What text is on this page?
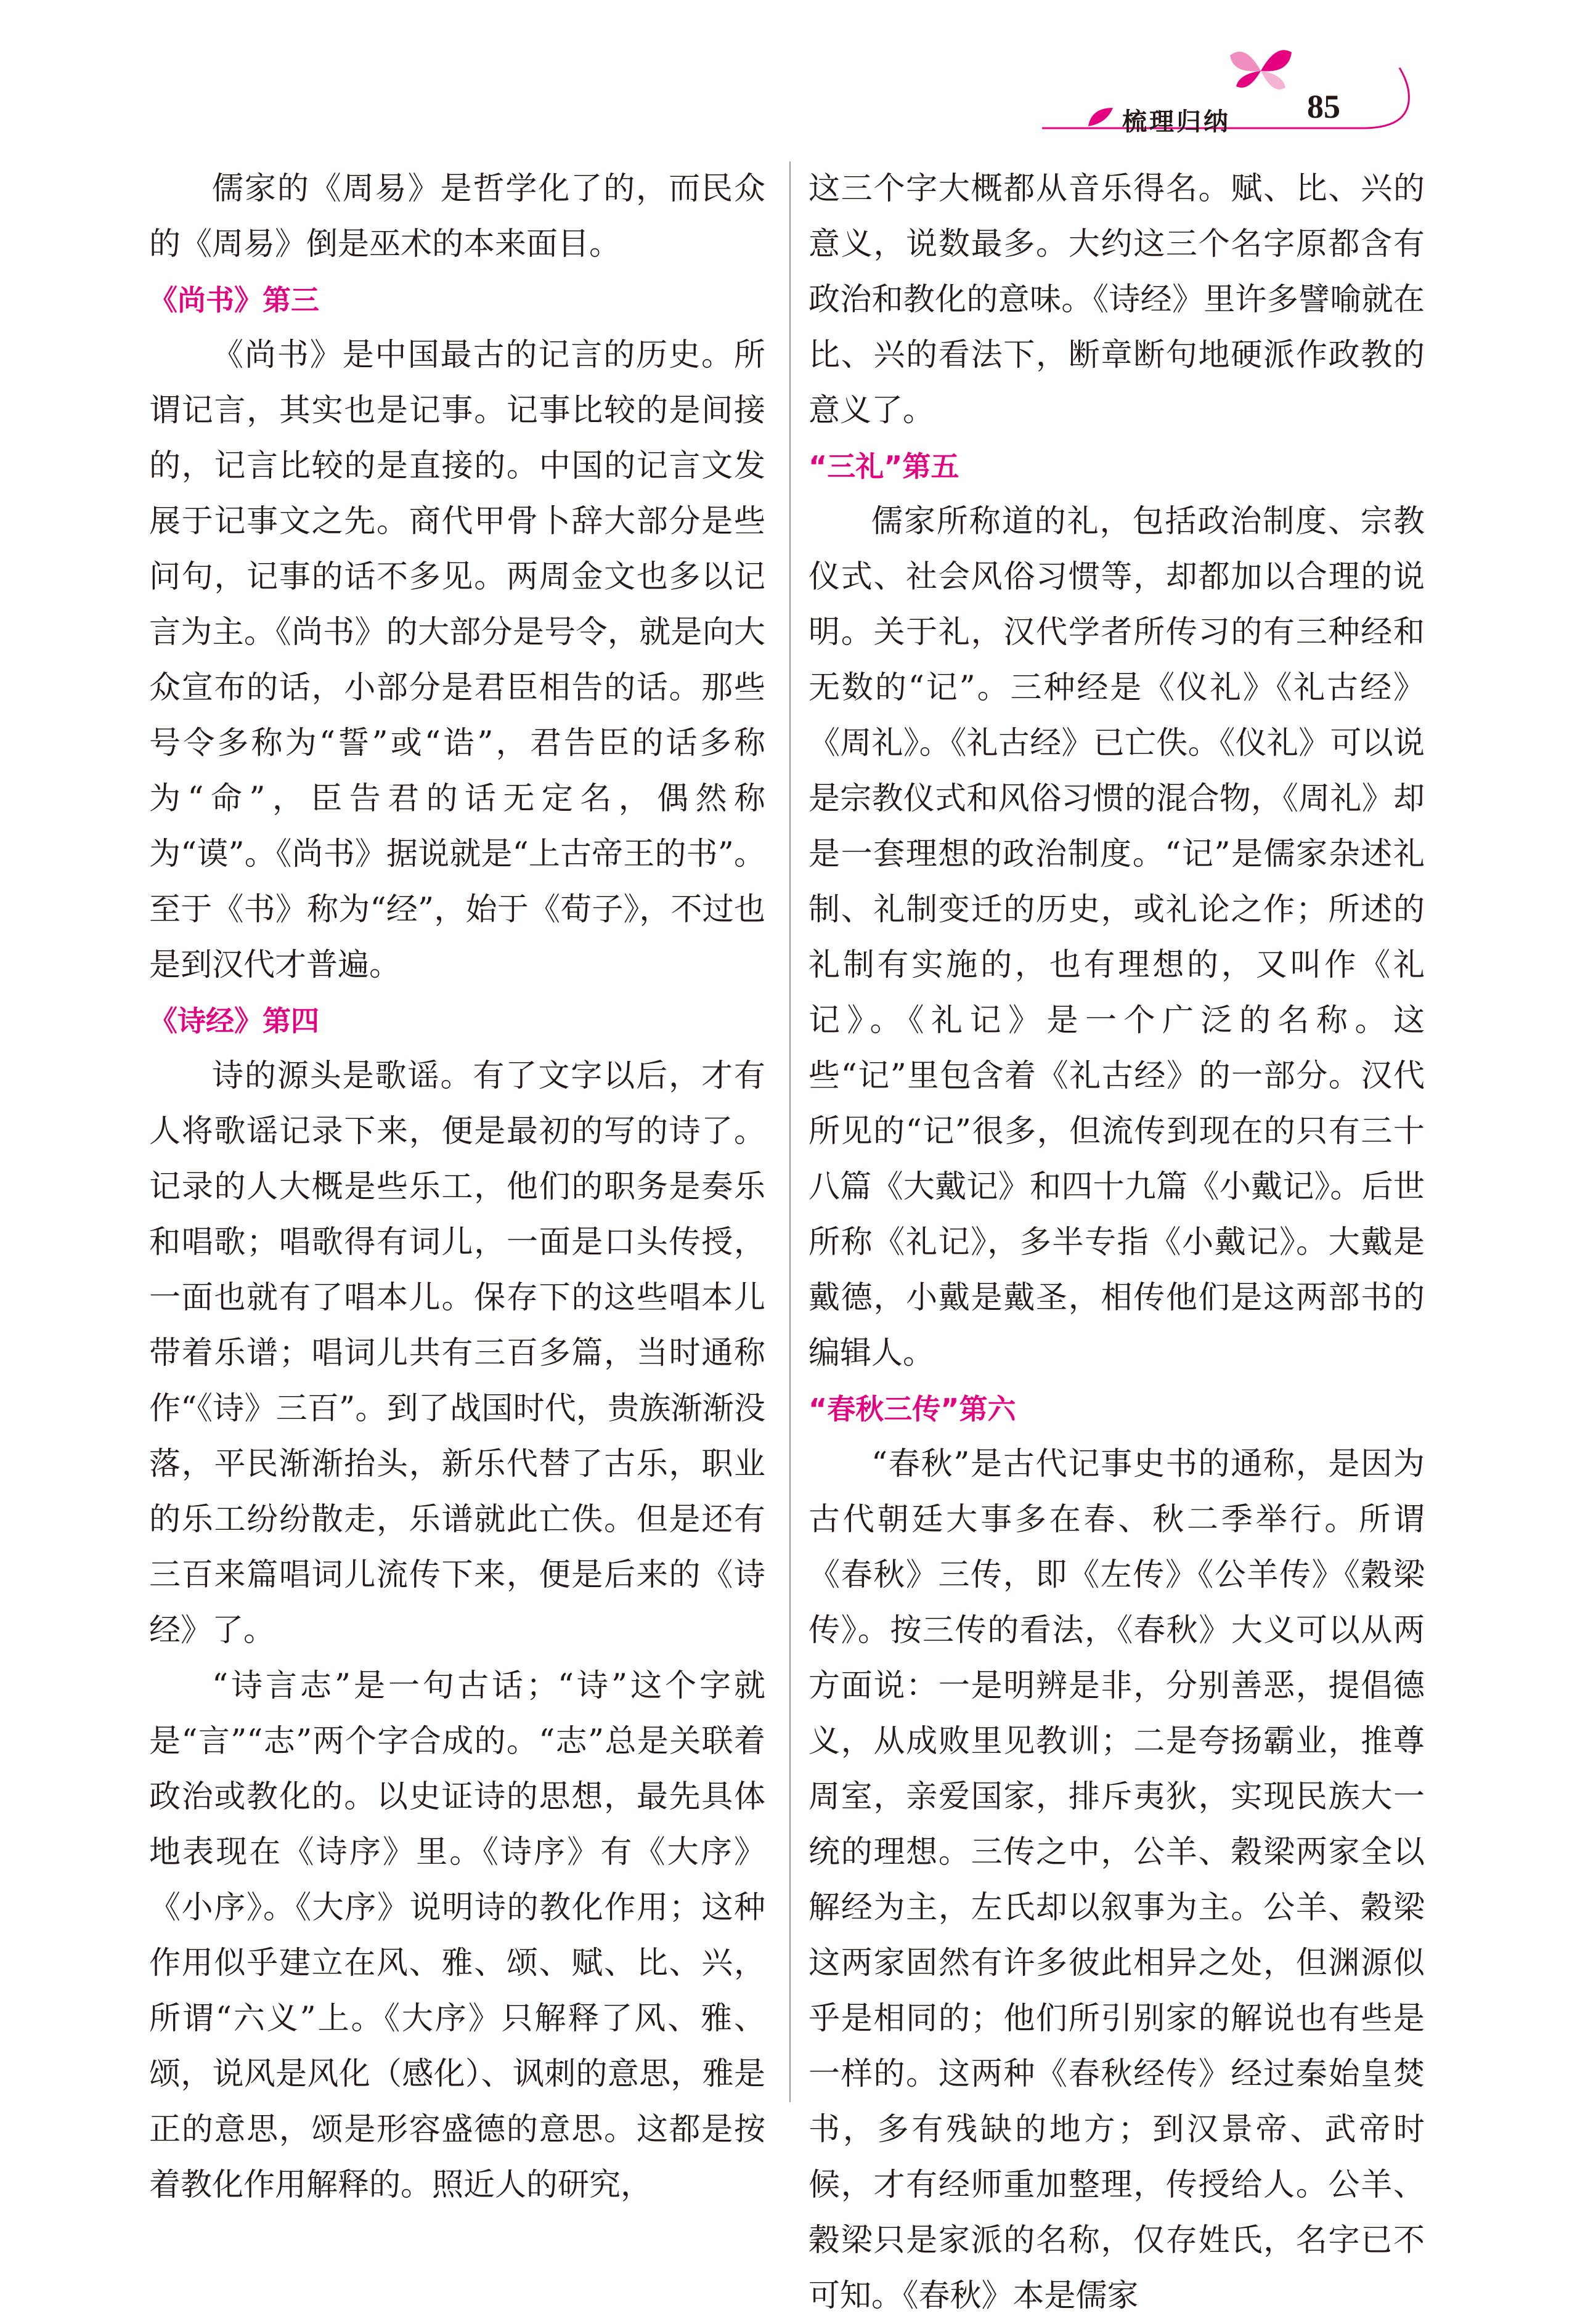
梳理归纳 85

儒家的《周易》是哲学化了的，而民众的《周易》倒是巫术的本来面目。

《尚书》第三

《尚书》是中国最古的记言的历史。所谓记言，其实也是记事。记事比较的是间接的，记言比较的是直接的。中国的记言文发展于记事文之先。商代甲骨卜辞大部分是些问句，记事的话不多见。两周金文也多以记言为主。《尚书》的大部分是号令，就是向大众宣布的话，小部分是君臣相告的话。那些号令多称为“誓”或“诰”，君告臣的话多称为“命”，臣告君的话无定名，偶然称为“谟”。《尚书》据说就是“上古帝王的书”。至于《书》称为“经”，始于《荀子》，不过也是到汉代才普遍。

《诗经》第四

诗的源头是歌谣。有了文字以后，才有人将歌谣记录下来，便是最初的写的诗了。记录的人大概是些乐工，他们的职务是奏乐和唱歌；唱歌得有词儿，一面是口头传授，一面也就有了唱本儿。保存下的这些唱本儿带着乐谱；唱词儿共有三百多篇，当时通称作“《诗》三百”。到了战国时代，贵族渐渐没落，平民渐渐抬头，新乐代替了古乐，职业的乐工纷纷散走，乐谱就此亡佚。但是还有三百来篇唱词儿流传下来，便是后来的《诗经》了。

“诗言志”是一句古话；“诗”这个字就是“言”“志”两个字合成的。“志”总是关联着政治或教化的。以史证诗的思想，最先具体地表现在《诗序》里。《诗序》有《大序》《小序》。《大序》说明诗的教化作用；这种作用似乎建立在风、雅、颂、赋、比、兴，所谓“六义”上。《大序》只解释了风、雅、颂，说风是风化（感化）、讽刺的意思，雅是正的意思，颂是形容盛德的意思。这都是按着教化作用解释的。照近人的研究，

这三个字大概都从音乐得名。赋、比、兴的意义，说数最多。大约这三个名字原都含有政治和教化的意味。《诗经》里许多譬喻就在比、兴的看法下，断章断句地硬派作政教的意义了。

“三礼”第五

儒家所称道的礼，包括政治制度、宗教仪式、社会风俗习惯等，却都加以合理的说明。关于礼，汉代学者所传习的有三种经和无数的“记”。三种经是《仪礼》《礼古经》《周礼》。《礼古经》已亡佚。《仪礼》可以说是宗教仪式和风俗习惯的混合物，《周礼》却是一套理想的政治制度。“记”是儒家杂述礼制、礼制变迁的历史，或礼论之作；所述的礼制有实施的，也有理想的，又叫作《礼记》。《礼记》是一个广泛的名称。这些“记”里包含着《礼古经》的一部分。汉代所见的“记”很多，但流传到现在的只有三十八篇《大戴记》和四十九篇《小戴记》。后世所称《礼记》，多半专指《小戴记》。大戴是戴德，小戴是戴圣，相传他们是这两部书的编辑人。

“春秋三传”第六

“春秋”是古代记事史书的通称，是因为古代朝廷大事多在春、秋二季举行。所谓《春秋》三传，即《左传》《公羊传》《穀梁传》。按三传的看法，《春秋》大义可以从两方面说：一是明辨是非，分别善恶，提倡德义，从成败里见教训；二是夸扬霸业，推尊周室，亲爱国家，排斥夷狄，实现民族大一统的理想。三传之中，公羊、穀梁两家全以解经为主，左氏却以叙事为主。公羊、穀梁这两家固然有许多彼此相异之处，但渊源似乎是相同的；他们所引别家的解说也有些是一样的。这两种《春秋经传》经过秦始皇焚书，多有残缺的地方；到汉景帝、武帝时候，才有经师重加整理，传授给人。公羊、穀梁只是家派的名称，仅存姓氏，名字已不可知。《春秋》本是儒家
